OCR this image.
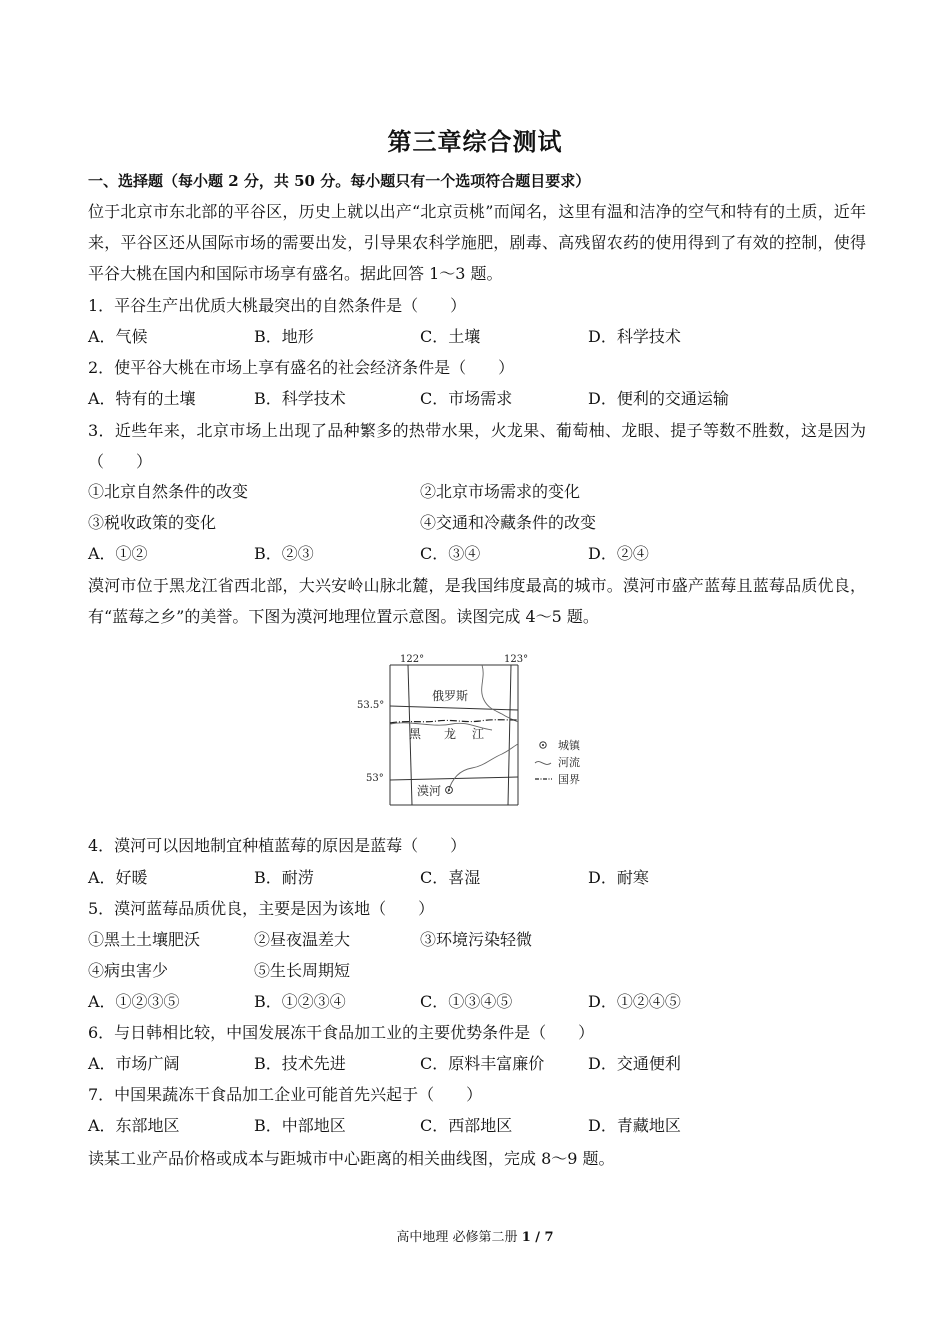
第三章综合测试
一、选择题（每小题 2 分，共 50 分。每小题只有一个选项符合题目要求）
位于北京市东北部的平谷区，历史上就以出产“北京贡桃”而闻名，这里有温和洁净的空气和特有的土质，近年来，平谷区还从国际市场的需要出发，引导果农科学施肥，剧毒、高残留农药的使用得到了有效的控制，使得平谷大桃在国内和国际市场享有盛名。据此回答 1～3 题。
1．平谷生产出优质大桃最突出的自然条件是（　　）
A．气候	B．地形	C．土壤	D．科学技术
2．使平谷大桃在市场上享有盛名的社会经济条件是（　　）
A．特有的土壤	B．科学技术	C．市场需求	D．便利的交通运输
3．近些年来，北京市场上出现了品种繁多的热带水果，火龙果、葡萄柚、龙眼、提子等数不胜数，这是因为（　　）
①北京自然条件的改变	②北京市场需求的变化
③税收政策的变化	④交通和冷藏条件的改变
A．①②	B．②③	C．③④	D．②④
漠河市位于黑龙江省西北部，大兴安岭山脉北麓，是我国纬度最高的城市。漠河市盛产蓝莓且蓝莓品质优良，有“蓝莓之乡”的美誉。下图为漠河地理位置示意图。读图完成 4～5 题。
122°	123°
53.5°
53°
俄罗斯
黑 龙 江
漠河
城镇
河流
国界
4．漠河可以因地制宜种植蓝莓的原因是蓝莓（　　）
A．好暖	B．耐涝	C．喜湿	D．耐寒
5．漠河蓝莓品质优良，主要是因为该地（　　）
①黑土土壤肥沃	②昼夜温差大	③环境污染轻微
④病虫害少	⑤生长周期短
A．①②③⑤	B．①②③④	C．①③④⑤	D．①②④⑤
6．与日韩相比较，中国发展冻干食品加工业的主要优势条件是（　　）
A．市场广阔	B．技术先进	C．原料丰富廉价	D．交通便利
7．中国果蔬冻干食品加工企业可能首先兴起于（　　）
A．东部地区	B．中部地区	C．西部地区	D．青藏地区
读某工业产品价格或成本与距城市中心距离的相关曲线图，完成 8～9 题。
高中地理 必修第二册 1 / 7
